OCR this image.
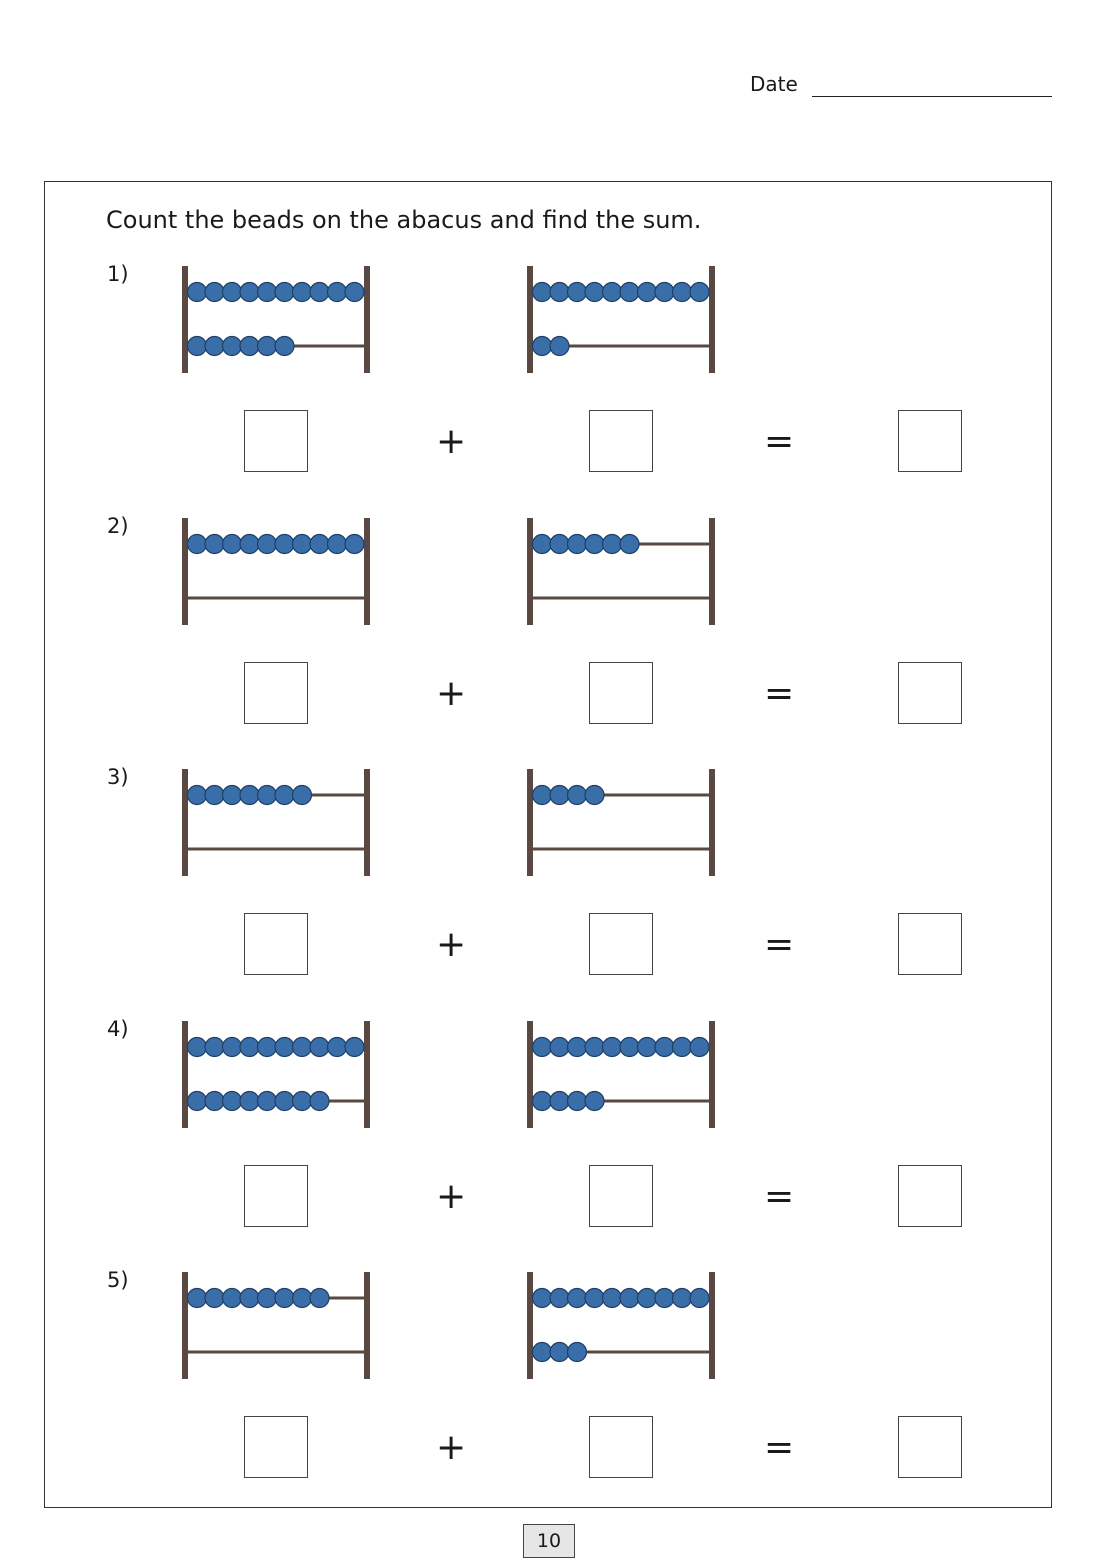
Date
Count the beads on the abacus and find the sum.
1)
+	=
2)
+	=
3)
+	=
4)
+	=
5)
+	=
10
